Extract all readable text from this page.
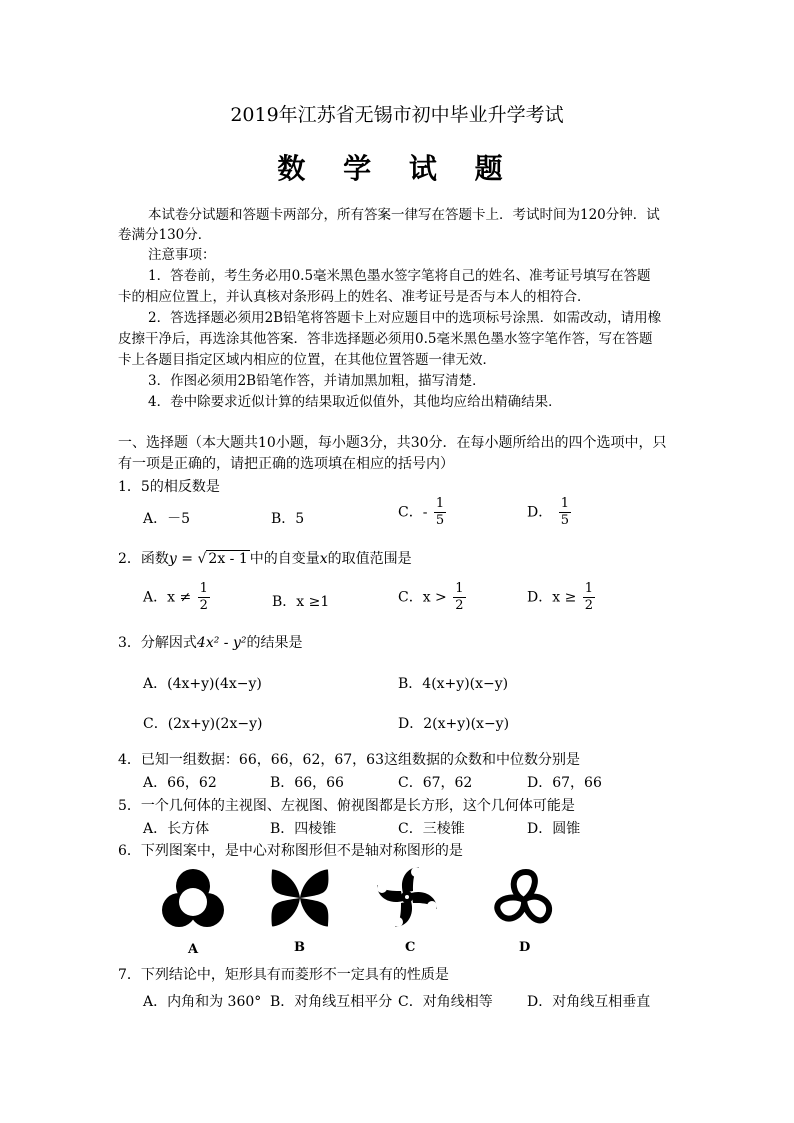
2019年江苏省无锡市初中毕业升学考试
数 学 试 题
本试卷分试题和答题卡两部分，所有答案一律写在答题卡上．考试时间为120分钟．试
卷满分130分．
注意事项：
1．答卷前，考生务必用0.5毫米黑色墨水签字笔将自己的姓名、准考证号填写在答题
卡的相应位置上，并认真核对条形码上的姓名、准考证号是否与本人的相符合．
2．答选择题必须用2B铅笔将答题卡上对应题目中的选项标号涂黑．如需改动，请用橡
皮擦干净后，再选涂其他答案．答非选择题必须用0.5毫米黑色墨水签字笔作答，写在答题
卡上各题目指定区域内相应的位置，在其他位置答题一律无效．
3．作图必须用2B铅笔作答，并请加黑加粗，描写清楚．
4．卷中除要求近似计算的结果取近似值外，其他均应给出精确结果．
一、选择题（本大题共10小题，每小题3分，共30分．在每小题所给出的四个选项中，只
有一项是正确的，请把正确的选项填在相应的括号内）
1．5的相反数是
A．－5	B．5	C．- $\frac{1}{5}$	D． $\frac{1}{5}$
2．函数y = √ 2x - 1 中的自变量x的取值范围是
A．$x \ne \frac{1}{2}$	B．x ≥1	C．$x > \frac{1}{2}$	D．$x \ge \frac{1}{2}$
3．分解因式4x² - y²的结果是
A．(4x+y)(4x−y)	B．4(x+y)(x−y)
C．(2x+y)(2x−y)	D．2(x+y)(x−y)
4．已知一组数据：66，66，62，67，63这组数据的众数和中位数分别是
A．66，62	B．66，66	C．67，62	D．67，66
5．一个几何体的主视图、左视图、俯视图都是长方形，这个几何体可能是
A．长方体	B．四棱锥	C．三棱锥	D．圆锥
6．下列图案中，是中心对称图形但不是轴对称图形的是
A	B	C	D
7．下列结论中，矩形具有而菱形不一定具有的性质是
A．内角和为 360° B．对角线互相平分 C．对角线相等 D．对角线互相垂直
